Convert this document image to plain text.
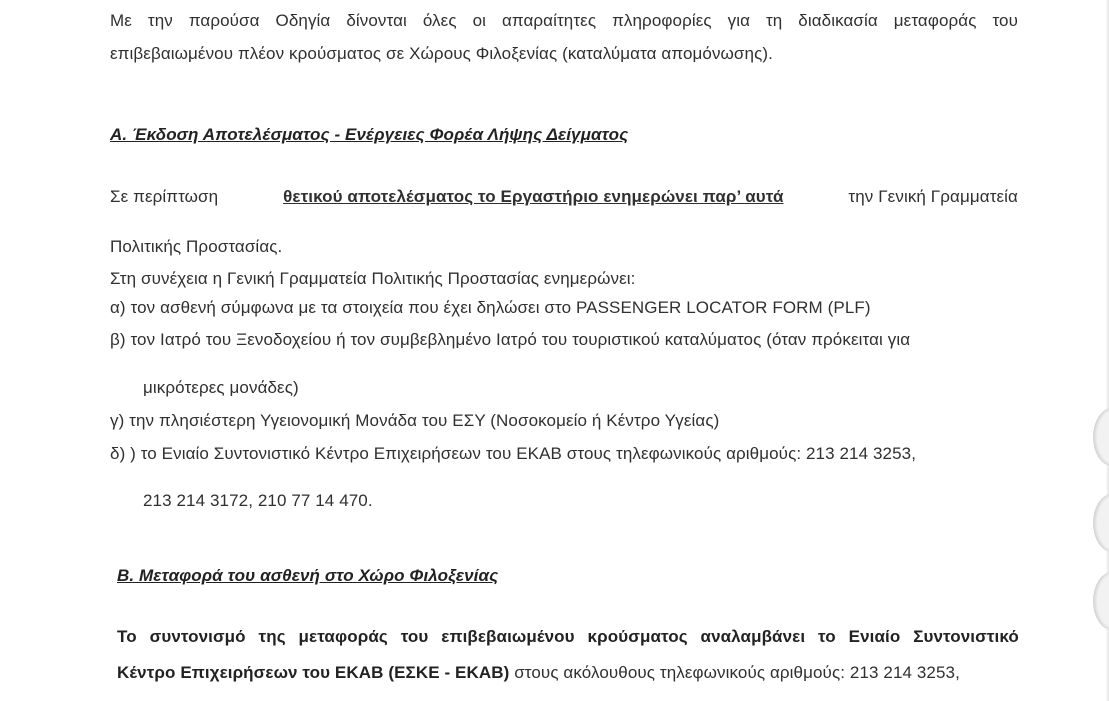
Με την παρούσα Οδηγία δίνονται όλες οι απαραίτητες πληροφορίες για τη διαδικασία μεταφοράς του
επιβεβαιωμένου πλέον κρούσματος σε Χώρους Φιλοξενίας (καταλύματα απομόνωσης).
Α. Έκδοση Αποτελέσματος - Ενέργειες Φορέα Λήψης Δείγματος
Σε περίπτωση	θετικού αποτελέσματος το Εργαστήριο ενημερώνει παρ’ αυτά	την Γενική Γραμματεία
Πολιτικής Προστασίας.
Στη συνέχεια η Γενική Γραμματεία Πολιτικής Προστασίας ενημερώνει:
α) τον ασθενή σύμφωνα με τα στοιχεία που έχει δηλώσει στο PASSENGER LOCATOR FORM (PLF)
β) τον Ιατρό του Ξενοδοχείου ή τον συμβεβλημένο Ιατρό του τουριστικού καταλύματος (όταν πρόκειται για
μικρότερες μονάδες)
γ) την πλησιέστερη Υγειονομική Μονάδα του ΕΣΥ (Νοσοκομείο ή Κέντρο Υγείας)
δ) ) το Ενιαίο Συντονιστικό Κέντρο Επιχειρήσεων του ΕΚΑΒ στους τηλεφωνικούς αριθμούς: 213 214 3253,
213 214 3172, 210 77 14 470.
Β. Μεταφορά του ασθενή στο Χώρο Φιλοξενίας
Το συντονισμό της μεταφοράς του επιβεβαιωμένου κρούσματος αναλαμβάνει το Ενιαίο Συντονιστικό
Κέντρο Επιχειρήσεων του ΕΚΑΒ (ΕΣΚΕ - ΕΚΑΒ) στους ακόλουθους τηλεφωνικούς αριθμούς: 213 214 3253,
